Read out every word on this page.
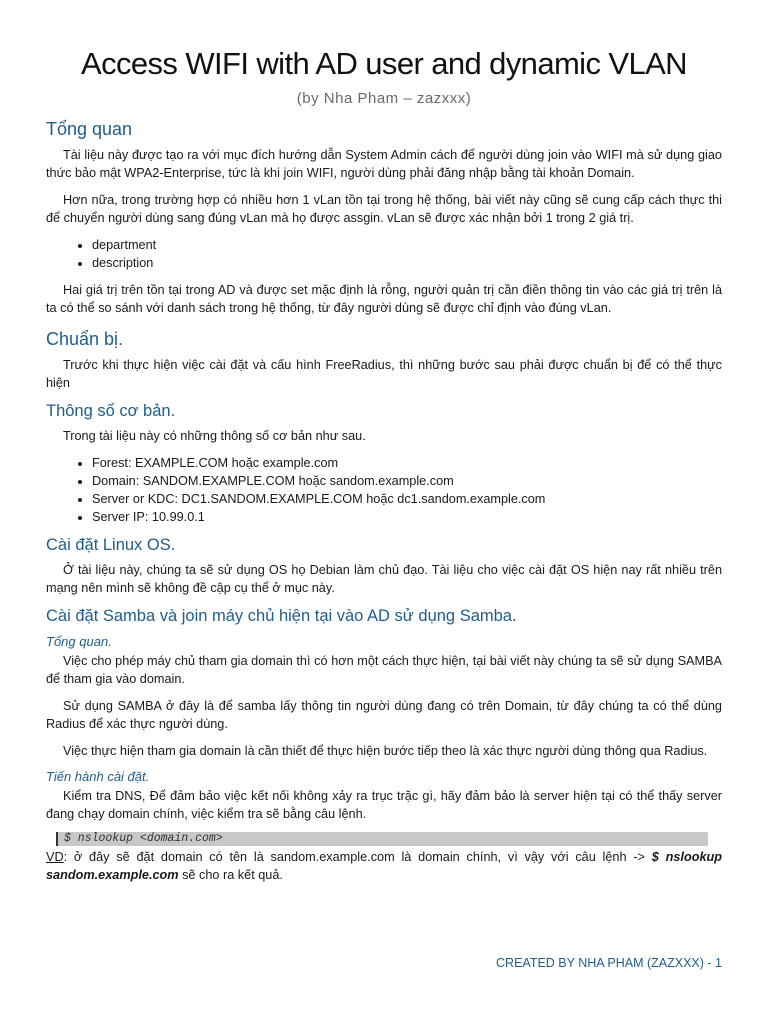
Access WIFI with AD user and dynamic VLAN
(by Nha Pham – zazxxx)
Tổng quan

Tài liệu này được tạo ra với mục đích hướng dẫn System Admin cách để người dùng join vào WIFI mà sử dụng giao thức bảo mật WPA2-Enterprise, tức là khi join WIFI, người dùng phải đăng nhập bằng tài khoản Domain.

Hơn nữa, trong trường hợp có nhiều hơn 1 vLan tồn tại trong hệ thống, bài viết này cũng sẽ cung cấp cách thực thi để chuyển người dùng sang đúng vLan mà họ được assgin. vLan sẽ được xác nhận bởi 1 trong 2 giá trị.

• department
• description

Hai giá trị trên tồn tại trong AD và được set mặc định là rỗng, người quản trị cần điền thông tin vào các giá trị trên là ta có thể so sánh với danh sách trong hệ thống, từ đây người dùng sẽ được chỉ định vào đúng vLan.

Chuẩn bị.

Trước khi thực hiện việc cài đặt và cấu hình FreeRadius, thì những bước sau phải được chuẩn bị để có thể thực hiện

Thông số cơ bản.

Trong tài liệu này có những thông số cơ bản như sau.

• Forest: EXAMPLE.COM hoặc example.com
• Domain: SANDOM.EXAMPLE.COM hoặc sandom.example.com
• Server or KDC: DC1.SANDOM.EXAMPLE.COM hoặc dc1.sandom.example.com
• Server IP: 10.99.0.1
Cài đặt Linux OS.

Ở tài liệu này, chúng ta sẽ sử dụng OS họ Debian làm chủ đạo. Tài liệu cho việc cài đặt OS hiện nay rất nhiều trên mạng nên mình sẽ không đề cập cụ thể ở mục này.

Cài đặt Samba và join máy chủ hiện tại vào AD sử dụng Samba.
Tổng quan.

Việc cho phép máy chủ tham gia domain thì có hơn một cách thực hiện, tại bài viết này chúng ta sẽ sử dụng SAMBA để tham gia vào domain.

Sử dụng SAMBA ở đây là để samba lấy thông tin người dùng đang có trên Domain, từ đây chúng ta có thể dùng Radius để xác thực người dùng.

Việc thực hiện tham gia domain là cần thiết để thực hiện bước tiếp theo là xác thực người dùng thông qua Radius.

Tiến hành cài đặt.

Kiểm tra DNS, Để đảm bảo việc kết nối không xảy ra trục trặc gì, hãy đảm bảo là server hiện tại có thể thấy server đang chạy domain chính, việc kiểm tra sẽ bằng câu lệnh.

$ nslookup <domain.com>

VD: ở đây sẽ đặt domain có tên là sandom.example.com là domain chính, vì vậy với câu lệnh -> $ nslookup sandom.example.com sẽ cho ra kết quả.

CREATED BY NHA PHAM (ZAZXXX) - 1
